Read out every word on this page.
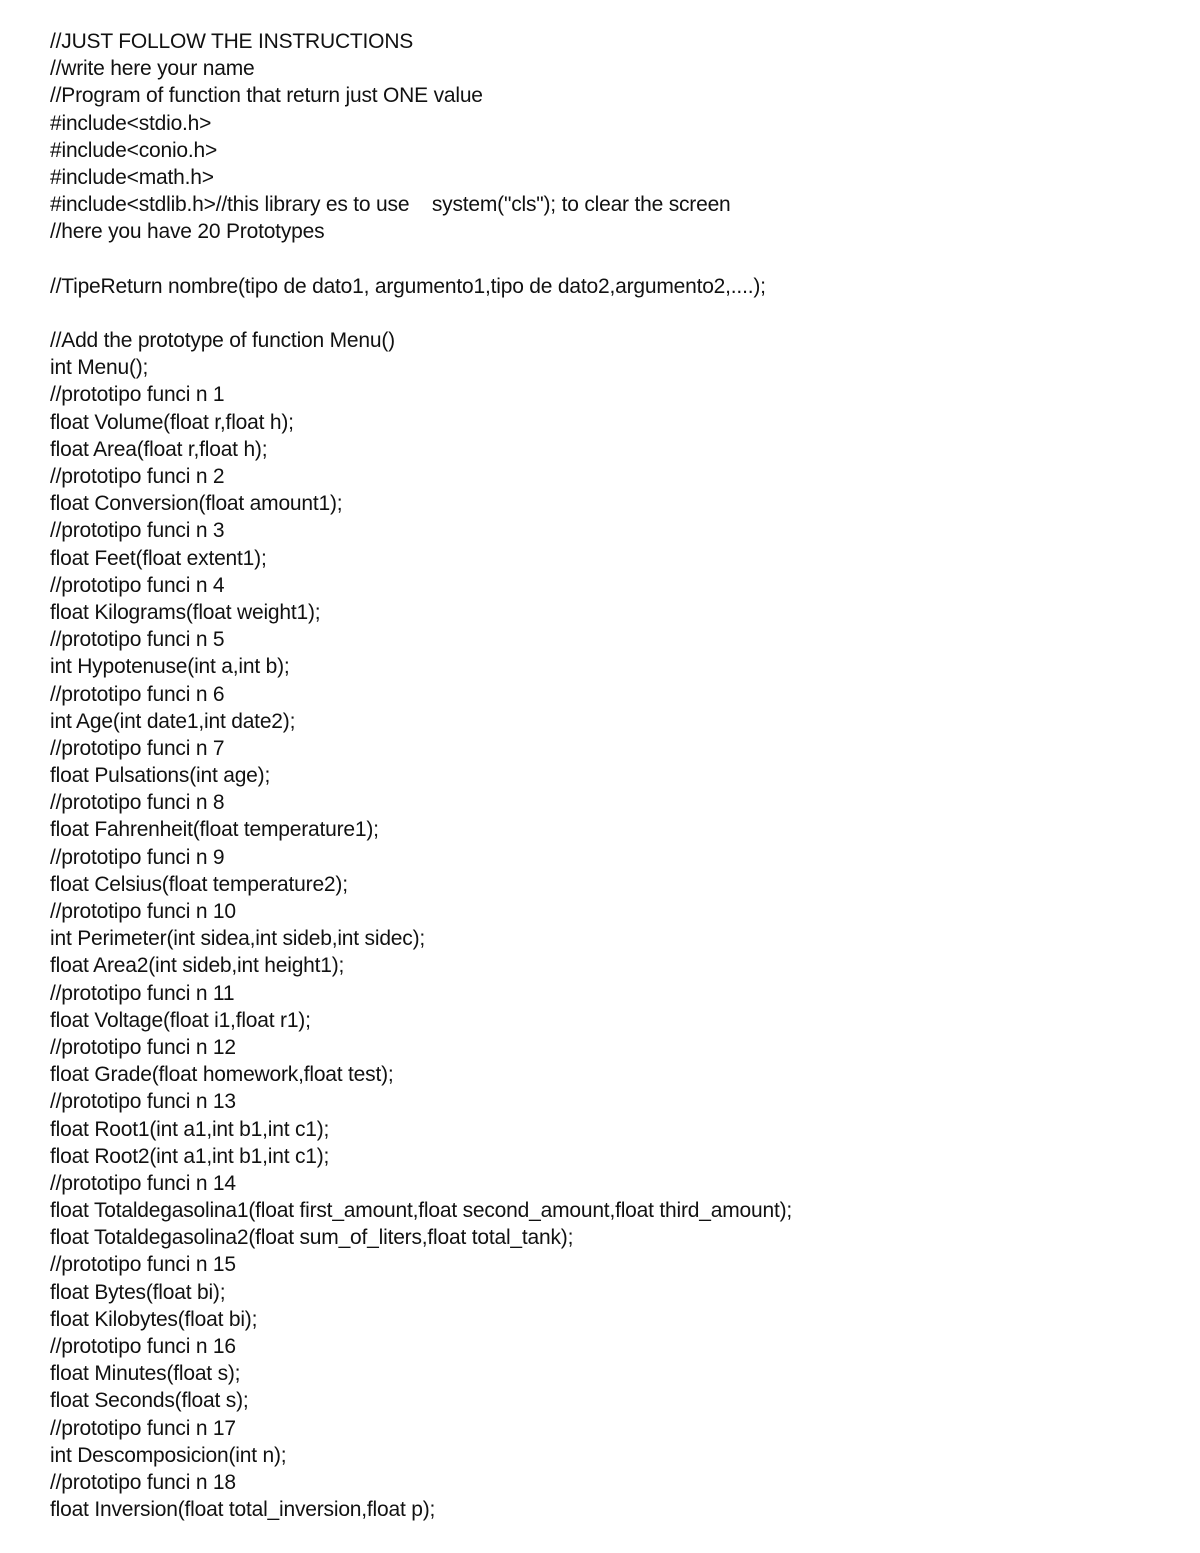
//JUST FOLLOW THE INSTRUCTIONS
//write here your name
//Program of function that return just ONE value
#include<stdio.h>
#include<conio.h>
#include<math.h>
#include<stdlib.h>//this library es to use    system("cls"); to clear the screen
//here you have 20 Prototypes
//TipeReturn nombre(tipo de dato1, argumento1,tipo de dato2,argumento2,....);
//Add the prototype of function Menu()
int Menu();
//prototipo funci n 1
float Volume(float r,float h);
float Area(float r,float h);
//prototipo funci n 2
float Conversion(float amount1);
//prototipo funci n 3
float Feet(float extent1);
//prototipo funci n 4
float Kilograms(float weight1);
//prototipo funci n 5
int Hypotenuse(int a,int b);
//prototipo funci n 6
int Age(int date1,int date2);
//prototipo funci n 7
float Pulsations(int age);
//prototipo funci n 8
float Fahrenheit(float temperature1);
//prototipo funci n 9
float Celsius(float temperature2);
//prototipo funci n 10
int Perimeter(int sidea,int sideb,int sidec);
float Area2(int sideb,int height1);
//prototipo funci n 11
float Voltage(float i1,float r1);
//prototipo funci n 12
float Grade(float homework,float test);
//prototipo funci n 13
float Root1(int a1,int b1,int c1);
float Root2(int a1,int b1,int c1);
//prototipo funci n 14
float Totaldegasolina1(float first_amount,float second_amount,float third_amount);
float Totaldegasolina2(float sum_of_liters,float total_tank);
//prototipo funci n 15
float Bytes(float bi);
float Kilobytes(float bi);
//prototipo funci n 16
float Minutes(float s);
float Seconds(float s);
//prototipo funci n 17
int Descomposicion(int n);
//prototipo funci n 18
float Inversion(float total_inversion,float p);
